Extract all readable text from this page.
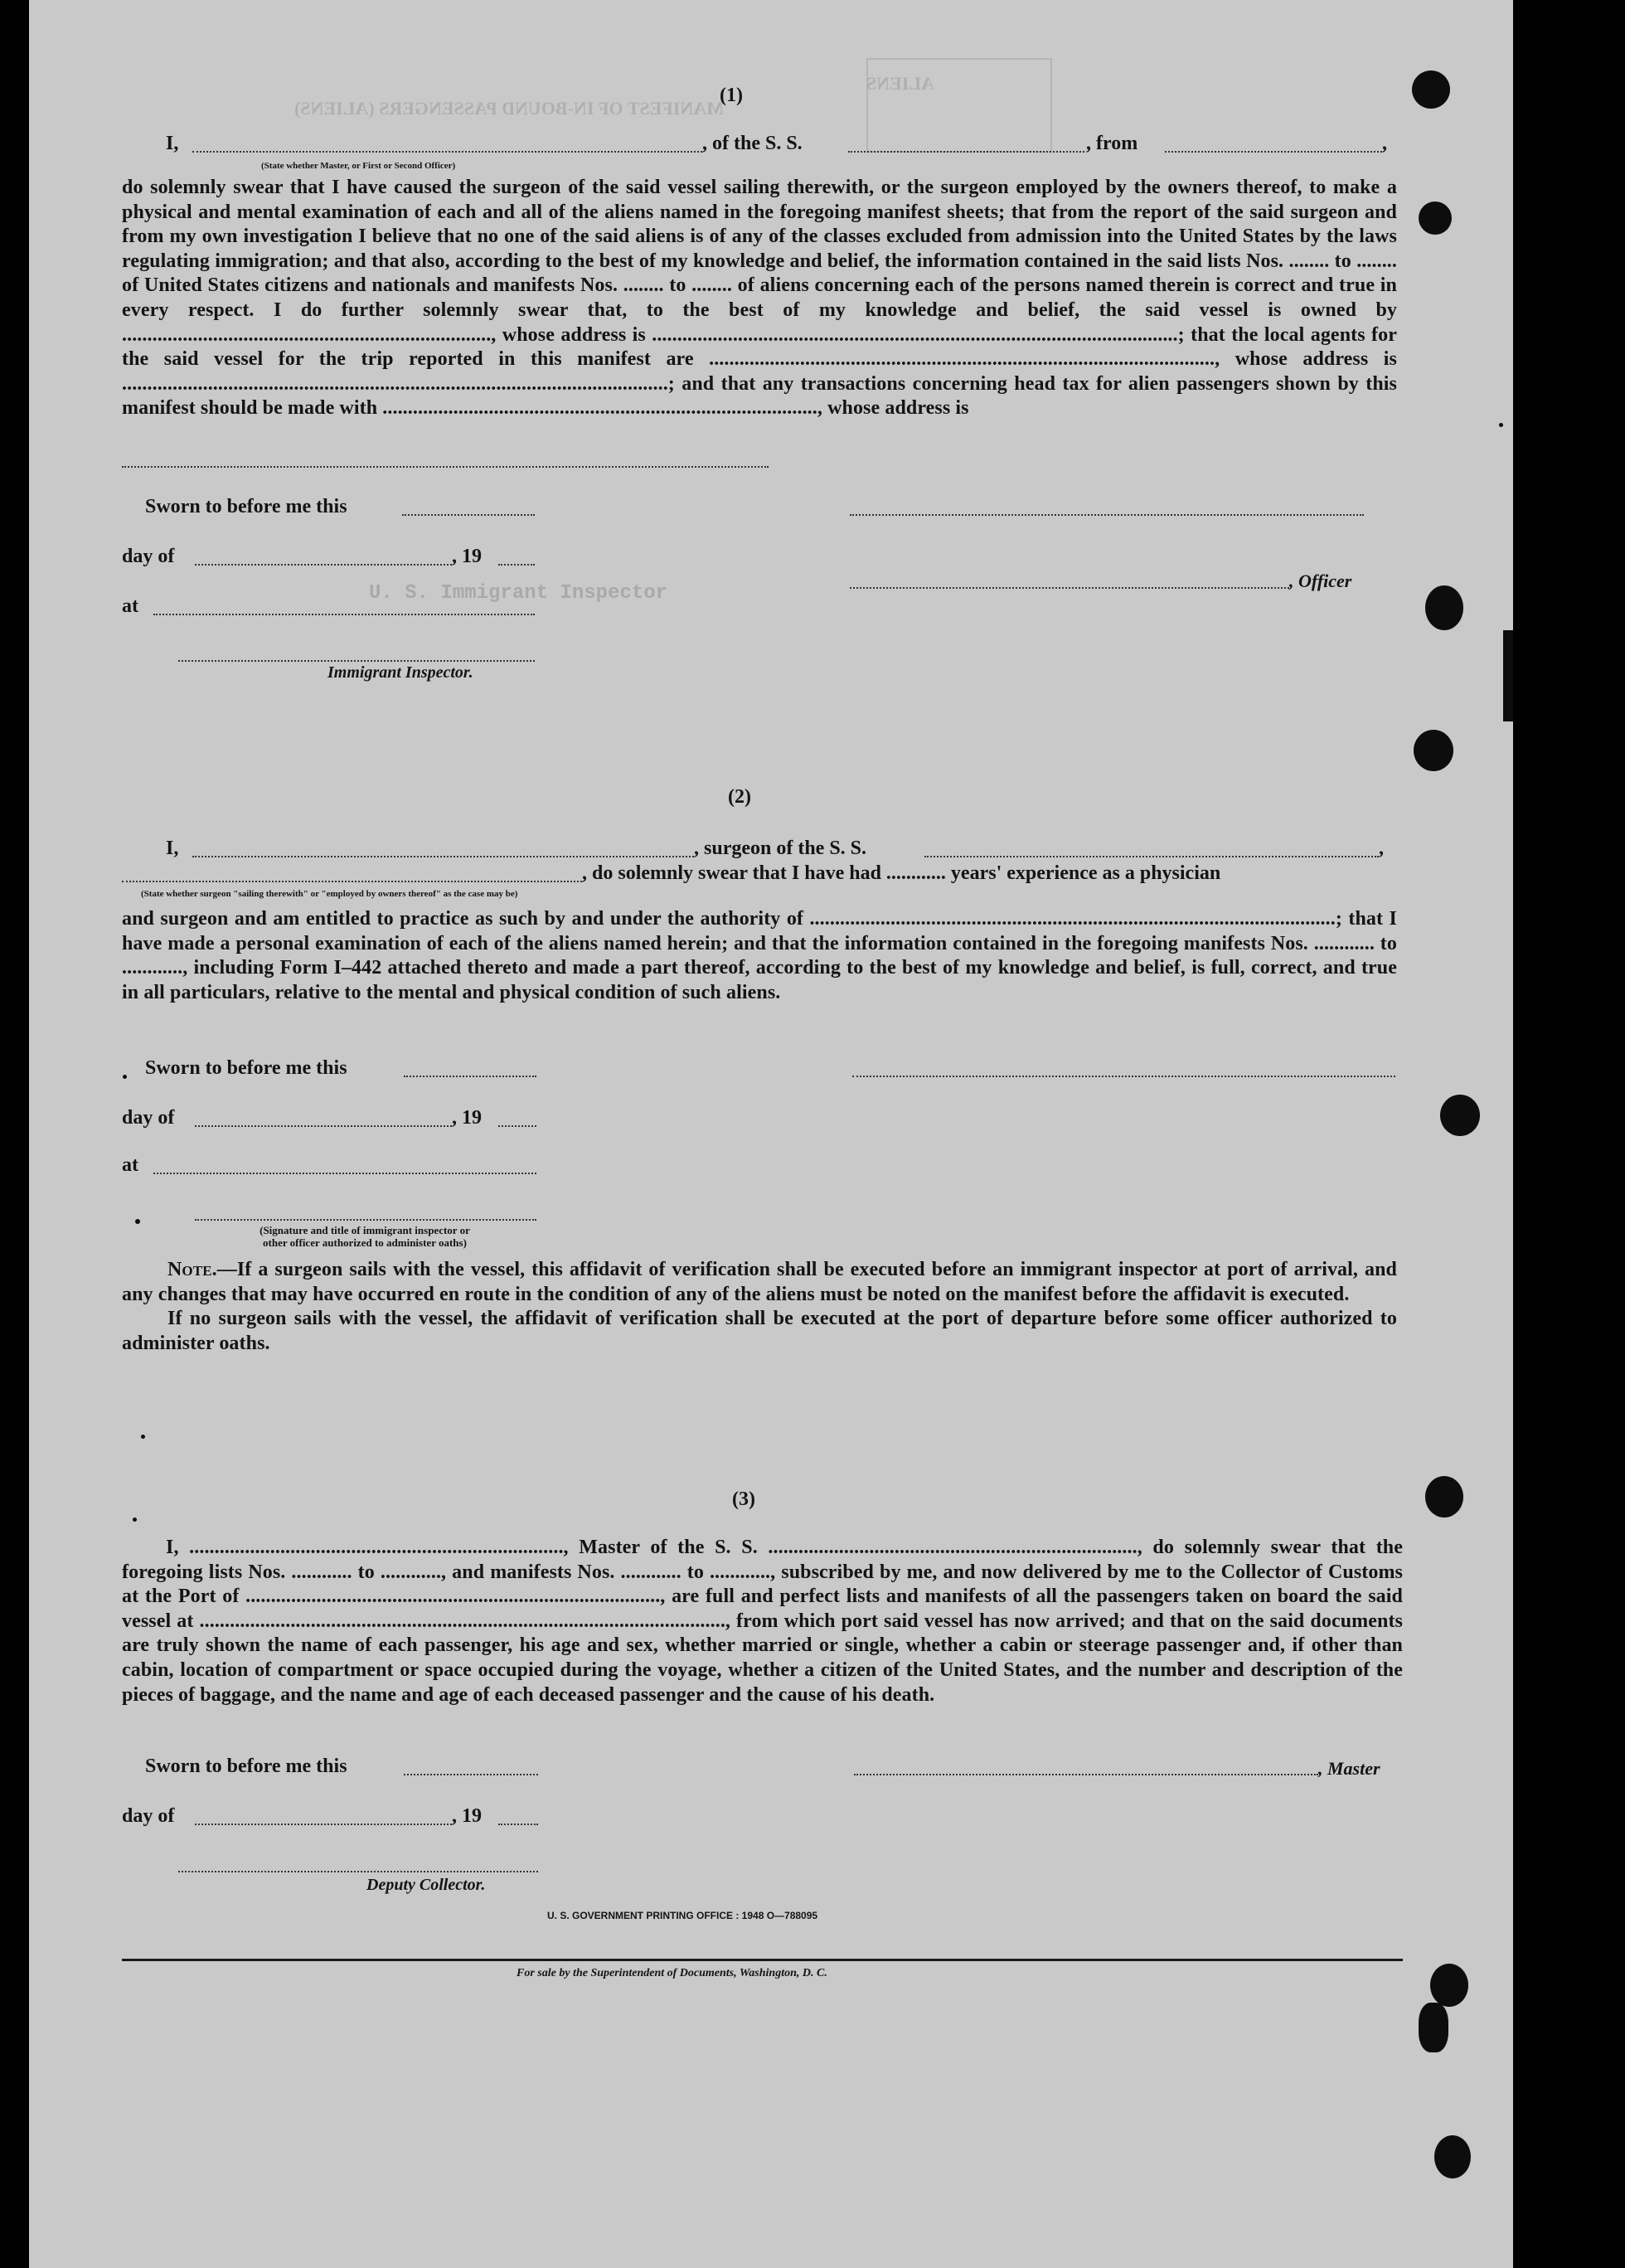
MANIFEST OF IN-BOUND PASSENGERS (ALIENS)
ALIENS
(1)
I,	, of the S. S.	, from	,
(State whether Master, or First or Second Officer)

do solemnly swear that I have caused the surgeon of the said vessel sailing therewith, or the surgeon employed by the owners thereof, to make a physical and mental examination of each and all of the aliens named in the foregoing manifest sheets; that from the report of the said surgeon and from my own investigation I believe that no one of the said aliens is of any of the classes excluded from admission into the United States by the laws regulating immigration; and that also, according to the best of my knowledge and belief, the information contained in the said lists Nos. ........ to ........ of United States citizens and nationals and manifests Nos. ........ to ........ of aliens concerning each of the persons named therein is correct and true in every respect. I do further solemnly swear that, to the best of my knowledge and belief, the said vessel is owned by ........................................................................., whose address is ........................................................................................................; that the local agents for the said vessel for the trip reported in this manifest are ...................................................................................................., whose address is ............................................................................................................; and that any transactions concerning head tax for alien passengers shown by this manifest should be made with ......................................................................................, whose address is

Sworn to before me this
day of	, 19
at
U. S. Immigrant Inspector
Immigrant Inspector.
, Officer
(2)
I,	, surgeon of the S. S.	,
, do solemnly swear that I have had ............ years' experience as a physician
(State whether surgeon "sailing therewith" or "employed by owners thereof" as the case may be)

and surgeon and am entitled to practice as such by and under the authority of ........................................................................................................; that I have made a personal examination of each of the aliens named herein; and that the information contained in the foregoing manifests Nos. ............ to ............, including Form I–442 attached thereto and made a part thereof, according to the best of my knowledge and belief, is full, correct, and true in all particulars, relative to the mental and physical condition of such aliens.

Sworn to before me this
day of	, 19
at
(Signature and title of immigrant inspector or
other officer authorized to administer oaths)

Note.—If a surgeon sails with the vessel, this affidavit of verification shall be executed before an immigrant inspector at port of arrival, and any changes that may have occurred en route in the condition of any of the aliens must be noted on the manifest before the affidavit is executed.

If no surgeon sails with the vessel, the affidavit of verification shall be executed at the port of departure before some officer authorized to administer oaths.

(3)

I, .........................................................................., Master of the S. S. ........................................................................., do solemnly swear that the foregoing lists Nos. ............ to ............, and manifests Nos. ............ to ............, subscribed by me, and now delivered by me to the Collector of Customs at the Port of .................................................................................., are full and perfect lists and manifests of all the passengers taken on board the said vessel at ........................................................................................................, from which port said vessel has now arrived; and that on the said documents are truly shown the name of each passenger, his age and sex, whether married or single, whether a cabin or steerage passenger and, if other than cabin, location of compartment or space occupied during the voyage, whether a citizen of the United States, and the number and description of the pieces of baggage, and the name and age of each deceased passenger and the cause of his death.

Sworn to before me this	, Master
day of	, 19
Deputy Collector.
U. S. GOVERNMENT PRINTING OFFICE : 1948 O—788095
For sale by the Superintendent of Documents, Washington, D. C.
